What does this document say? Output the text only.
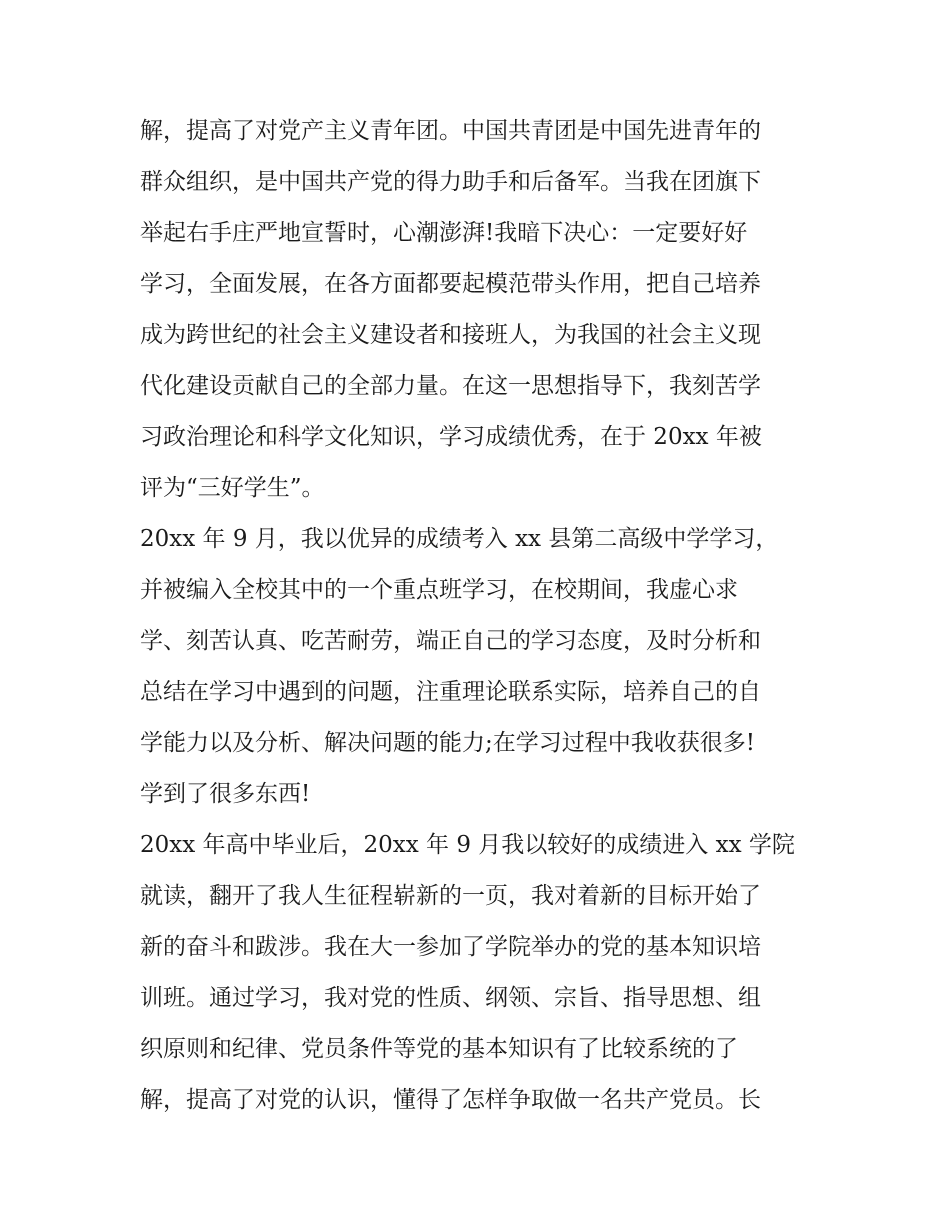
解，提高了对党产主义青年团。中国共青团是中国先进青年的
群众组织，是中国共产党的得力助手和后备军。当我在团旗下
举起右手庄严地宣誓时，心潮澎湃!我暗下决心：一定要好好
学习，全面发展，在各方面都要起模范带头作用，把自己培养
成为跨世纪的社会主义建设者和接班人，为我国的社会主义现
代化建设贡献自己的全部力量。在这一思想指导下，我刻苦学
习政治理论和科学文化知识，学习成绩优秀，在于 20xx 年被
评为“三好学生”。
20xx 年 9 月，我以优异的成绩考入 xx 县第二高级中学学习，
并被编入全校其中的一个重点班学习，在校期间，我虚心求
学、刻苦认真、吃苦耐劳，端正自己的学习态度，及时分析和
总结在学习中遇到的问题，注重理论联系实际，培养自己的自
学能力以及分析、解决问题的能力;在学习过程中我收获很多!
学到了很多东西!
20xx 年高中毕业后，20xx 年 9 月我以较好的成绩进入 xx 学院
就读，翻开了我人生征程崭新的一页，我对着新的目标开始了
新的奋斗和跋涉。我在大一参加了学院举办的党的基本知识培
训班。通过学习，我对党的性质、纲领、宗旨、指导思想、组
织原则和纪律、党员条件等党的基本知识有了比较系统的了
解，提高了对党的认识，懂得了怎样争取做一名共产党员。长
